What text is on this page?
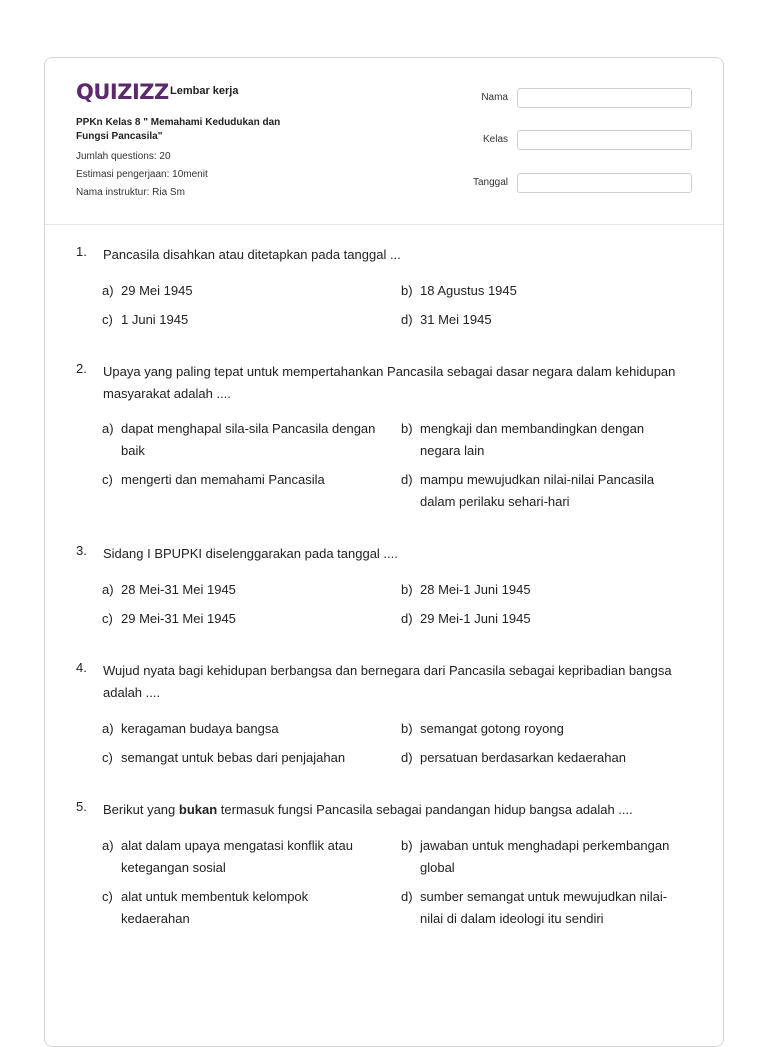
QUIZIZZ Lembar kerja
PPKn Kelas 8 " Memahami Kedudukan dan Fungsi Pancasila"
Jumlah questions: 20
Estimasi pengerjaan: 10menit
Nama instruktur: Ria Sm
Nama
Kelas
Tanggal
1. Pancasila disahkan atau ditetapkan pada tanggal ...
a) 29 Mei 1945	b) 18 Agustus 1945
c) 1 Juni 1945	d) 31 Mei 1945
2. Upaya yang paling tepat untuk mempertahankan Pancasila sebagai dasar negara dalam kehidupan masyarakat adalah ....
a) dapat menghapal sila-sila Pancasila dengan baik
b) mengkaji dan membandingkan dengan negara lain
c) mengerti dan memahami Pancasila	d) mampu mewujudkan nilai-nilai Pancasila dalam perilaku sehari-hari
3. Sidang I BPUPKI diselenggarakan pada tanggal ....
a) 28 Mei-31 Mei 1945	b) 28 Mei-1 Juni 1945
c) 29 Mei-31 Mei 1945	d) 29 Mei-1 Juni 1945
4. Wujud nyata bagi kehidupan berbangsa dan bernegara dari Pancasila sebagai kepribadian bangsa adalah ....
a) keragaman budaya bangsa	b) semangat gotong royong
c) semangat untuk bebas dari penjajahan	d) persatuan berdasarkan kedaerahan
5. Berikut yang bukan termasuk fungsi Pancasila sebagai pandangan hidup bangsa adalah ....
a) alat dalam upaya mengatasi konflik atau ketegangan sosial
b) jawaban untuk menghadapi perkembangan global
c) alat untuk membentuk kelompok kedaerahan
d) sumber semangat untuk mewujudkan nilai-nilai di dalam ideologi itu sendiri
